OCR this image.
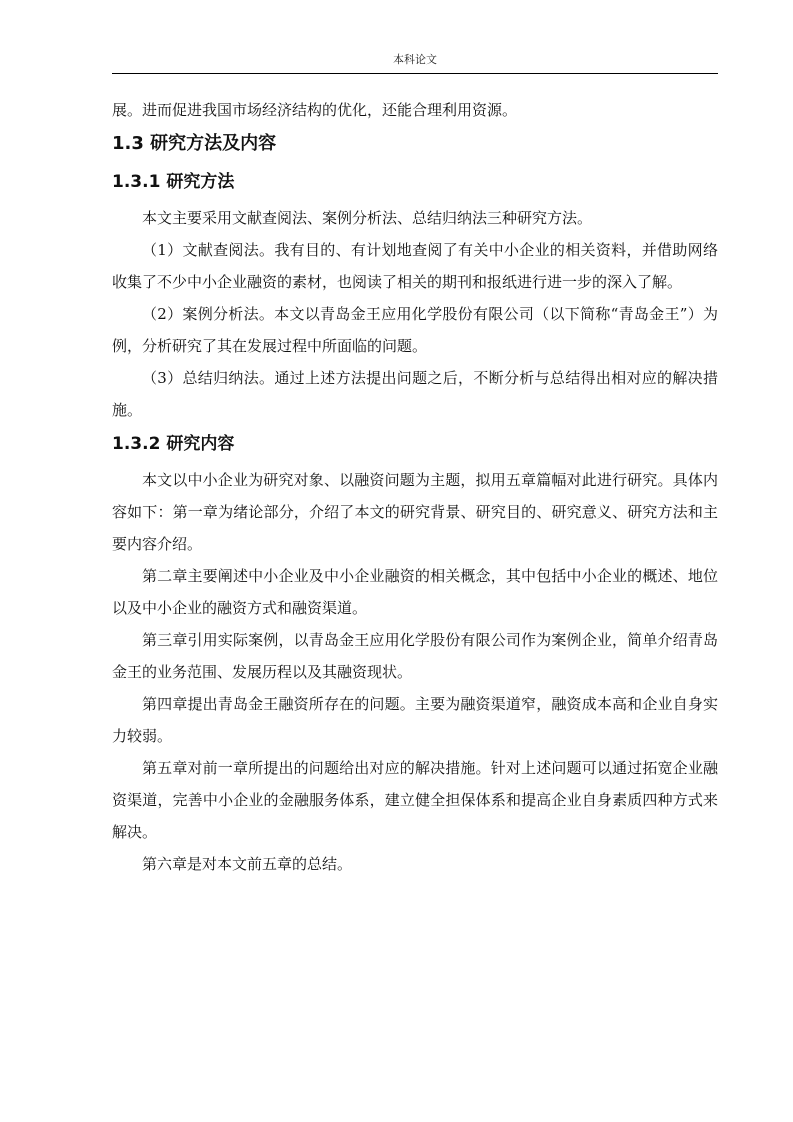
本科论文

展。进而促进我国市场经济结构的优化，还能合理利用资源。

1.3 研究方法及内容
1.3.1 研究方法

本文主要采用文献查阅法、案例分析法、总结归纳法三种研究方法。

（1）文献查阅法。我有目的、有计划地查阅了有关中小企业的相关资料，并借助网络收集了不少中小企业融资的素材，也阅读了相关的期刊和报纸进行进一步的深入了解。

（2）案例分析法。本文以青岛金王应用化学股份有限公司（以下简称“青岛金王”）为例，分析研究了其在发展过程中所面临的问题。

（3）总结归纳法。通过上述方法提出问题之后，不断分析与总结得出相对应的解决措施。

1.3.2 研究内容

本文以中小企业为研究对象、以融资问题为主题，拟用五章篇幅对此进行研究。具体内容如下：第一章为绪论部分，介绍了本文的研究背景、研究目的、研究意义、研究方法和主要内容介绍。

第二章主要阐述中小企业及中小企业融资的相关概念，其中包括中小企业的概述、地位以及中小企业的融资方式和融资渠道。

第三章引用实际案例，以青岛金王应用化学股份有限公司作为案例企业，简单介绍青岛金王的业务范围、发展历程以及其融资现状。

第四章提出青岛金王融资所存在的问题。主要为融资渠道窄，融资成本高和企业自身实力较弱。

第五章对前一章所提出的问题给出对应的解决措施。针对上述问题可以通过拓宽企业融资渠道，完善中小企业的金融服务体系，建立健全担保体系和提高企业自身素质四种方式来解决。

第六章是对本文前五章的总结。
